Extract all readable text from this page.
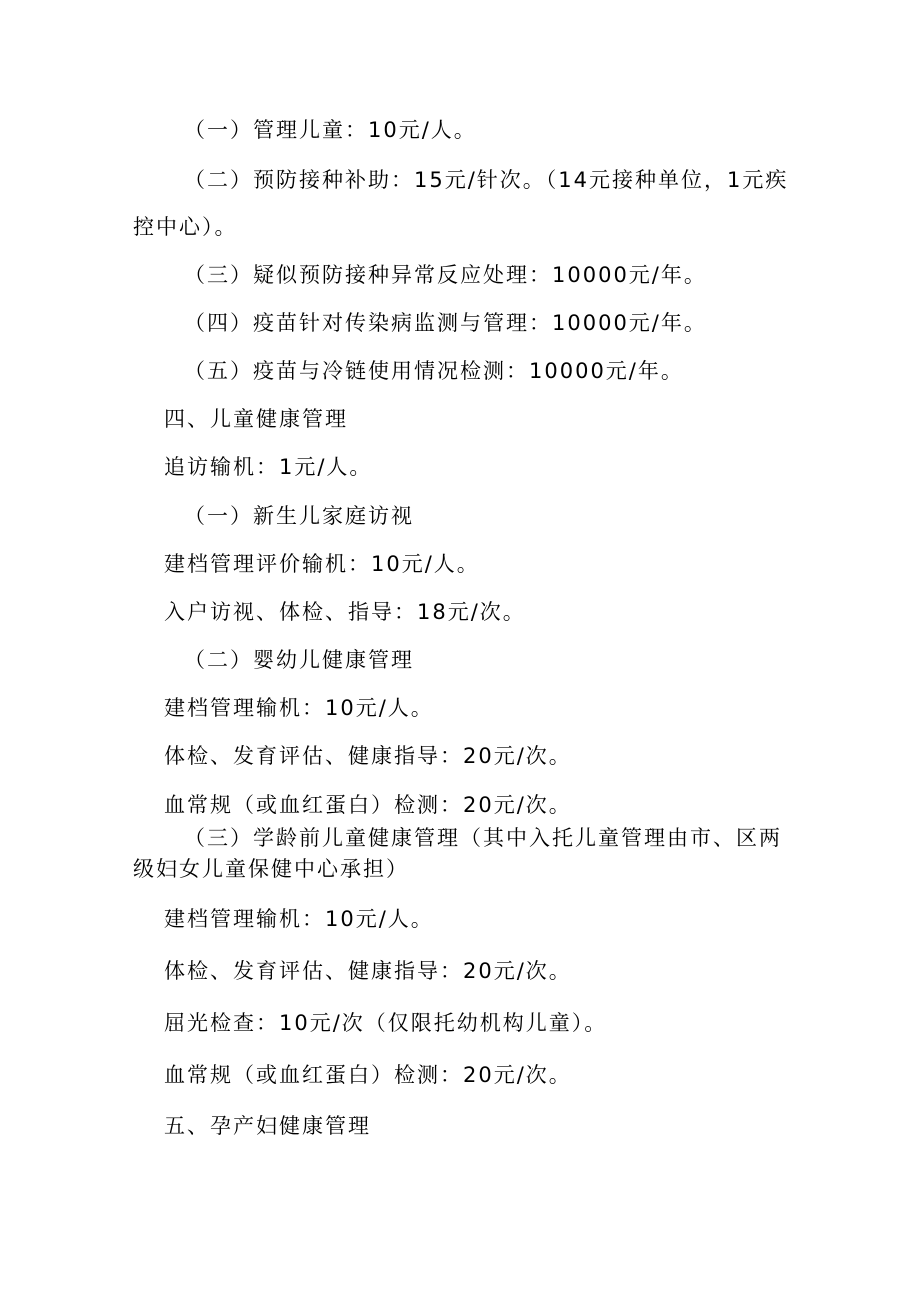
（一）管理儿童：10元/人。
（二）预防接种补助：15元/针次。（14元接种单位，1元疾
控中心）。
（三）疑似预防接种异常反应处理：10000元/年。
（四）疫苗针对传染病监测与管理：10000元/年。
（五）疫苗与冷链使用情况检测：10000元/年。
四、儿童健康管理
追访输机：1元/人。
（一）新生儿家庭访视
建档管理评价输机：10元/人。
入户访视、体检、指导：18元/次。
（二）婴幼儿健康管理
建档管理输机：10元/人。
体检、发育评估、健康指导：20元/次。
血常规（或血红蛋白）检测：20元/次。
（三）学龄前儿童健康管理（其中入托儿童管理由市、区两
级妇女儿童保健中心承担）
建档管理输机：10元/人。
体检、发育评估、健康指导：20元/次。
屈光检查：10元/次（仅限托幼机构儿童）。
血常规（或血红蛋白）检测：20元/次。
五、孕产妇健康管理
